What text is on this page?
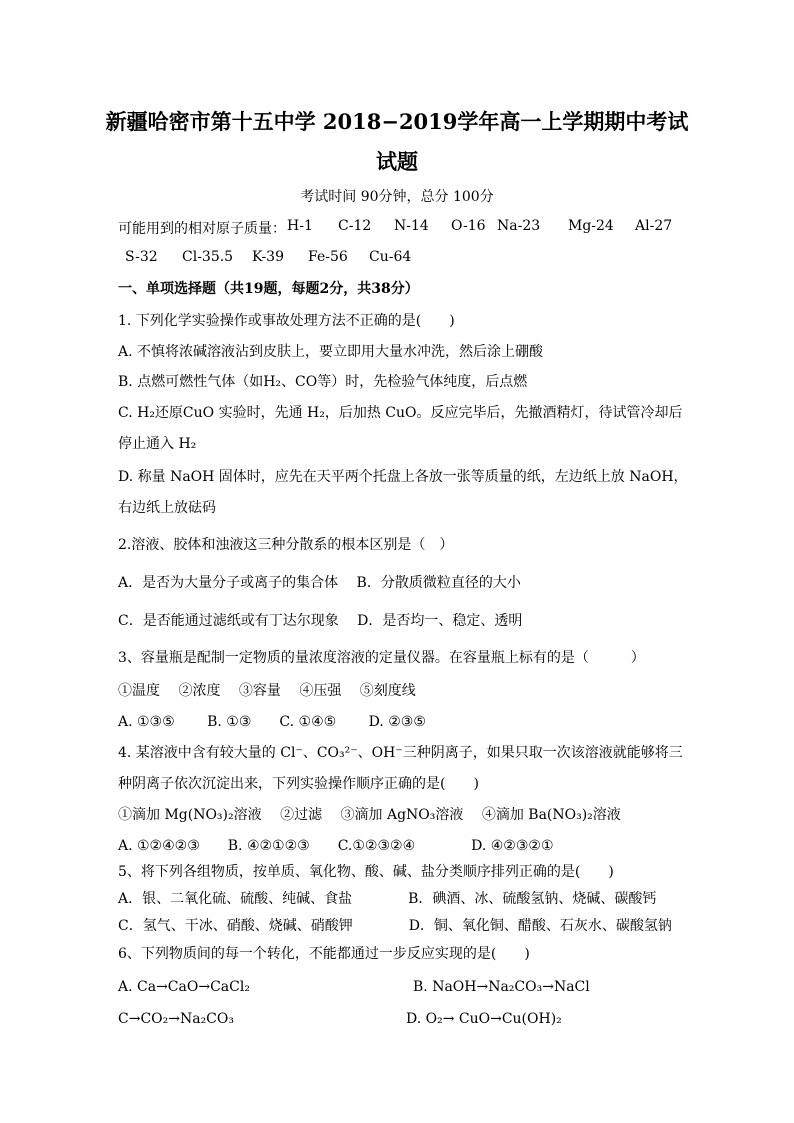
新疆哈密市第十五中学 2018−2019学年高一上学期期中考试
试题
考试时间 90分钟，总分 100分
可能用到的相对原子质量： H-1 C-12 N-14 O-16 Na-23 Mg-24 Al-27
S-32 Cl-35.5 K-39 Fe-56 Cu-64
一、单项选择题（共19题，每题2分，共38分）
1. 下列化学实验操作或事故处理方法不正确的是(　　)
A. 不慎将浓碱溶液沾到皮肤上，要立即用大量水冲洗，然后涂上硼酸
B. 点燃可燃性气体（如H₂、CO等）时，先检验气体纯度，后点燃
C. H₂还原CuO 实验时，先通 H₂，后加热 CuO。反应完毕后，先撤酒精灯，待试管冷却后
停止通入 H₂
D. 称量 NaOH 固体时，应先在天平两个托盘上各放一张等质量的纸，左边纸上放 NaOH，
右边纸上放砝码
2.溶液、胶体和浊液这三种分散系的根本区别是（　）
A．是否为大量分子或离子的集合体　 B．分散质微粒直径的大小
C．是否能通过滤纸或有丁达尔现象　 D．是否均一、稳定、透明
3、容量瓶是配制一定物质的量浓度溶液的定量仪器。在容量瓶上标有的是（　　　）
①温度　 ②浓度　 ③容量　 ④压强　 ⑤刻度线
A. ①③⑤　　 B. ①③　　C. ①④⑤　　 D. ②③⑤
4. 某溶液中含有较大量的 Cl⁻、CO₃²⁻、OH⁻三种阴离子，如果只取一次该溶液就能够将三
种阴离子依次沉淀出来，下列实验操作顺序正确的是(　　)
①滴加 Mg(NO₃)₂溶液　 ②过滤　 ③滴加 AgNO₃溶液　 ④滴加 Ba(NO₃)₂溶液
A. ①②④②③　　B. ④②①②③　　C.①②③②④　　　　D. ④②③②①
5、将下列各组物质，按单质、氧化物、酸、碱、盐分类顺序排列正确的是(　　)
A．银、二氧化硫、硫酸、纯碱、食盐　　　　B．碘酒、冰、硫酸氢钠、烧碱、碳酸钙
C．氢气、干冰、硝酸、烧碱、硝酸钾　　　　D．铜、氧化铜、醋酸、石灰水、碳酸氢钠
6、下列物质间的每一个转化，不能都通过一步反应实现的是(　　)
A. Ca→CaO→CaCl₂	B. NaOH→Na₂CO₃→NaCl
C→CO₂→Na₂CO₃	D. O₂→ CuO→Cu(OH)₂
